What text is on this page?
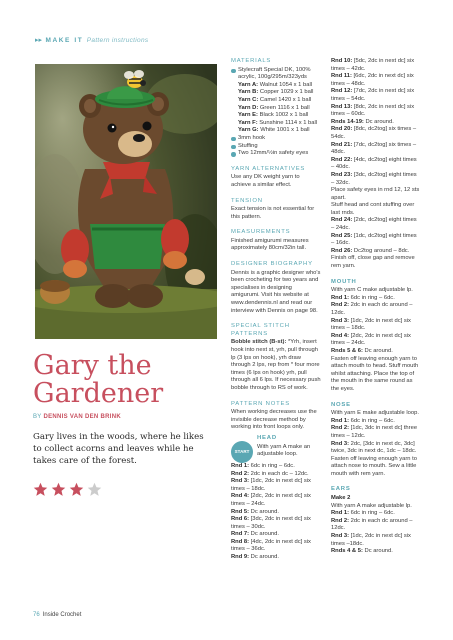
▸▸ MAKE IT Pattern instructions
Gary the
Gardener
BY DENNIS VAN DEN BRINK
Gary lives in the woods, where he likes to collect acorns and leaves while he takes care of the forest.
76 Inside Crochet
MATERIALS
Stylecraft Special DK, 100% acrylic, 100g/295m/323yds
Yarn A: Walnut 1054 x 1 ball
Yarn B: Copper 1029 x 1 ball
Yarn C: Camel 1420 x 1 ball
Yarn D: Green 1116 x 1 ball
Yarn E: Black 1002 x 1 ball
Yarn F: Sunshine 1114 x 1 ball
Yarn G: White 1001 x 1 ball
3mm hook
Stuffing
Two 12mm/½in safety eyes
YARN ALTERNATIVES

Use any DK weight yarn to achieve a similar effect.

TENSION

Exact tension is not essential for this pattern.

MEASUREMENTS

Finished amigurumi measures approximately 80cm/32in tall.

DESIGNER BIOGRAPHY

Dennis is a graphic designer who's been crocheting for two years and specialises in designing amigurumi. Visit his website at www.dendennis.nl and read our interview with Dennis on page 98.

SPECIAL STITCH PATTERNS

Bobble stitch (B-st): *Yrh, insert hook into next st, yrh, pull through lp (3 lps on hook), yrh draw through 2 lps, rep from * four more times (6 lps on hook) yrh, pull through all 6 lps. If necessary push bobble through to RS of work.

PATTERN NOTES

When working decreases use the invisible decrease method by working into front loops only.

START
HEAD

With yarn A make an adjustable loop.

Rnd 1: 6dc in ring – 6dc.
Rnd 2: 2dc in each dc – 12dc.
Rnd 3: [1dc, 2dc in next dc] six times – 18dc.
Rnd 4: [2dc, 2dc in next dc] six times – 24dc.
Rnd 5: Dc around.
Rnd 6: [3dc, 2dc in next dc] six times – 30dc.
Rnd 7: Dc around.
Rnd 8: [4dc, 2dc in next dc] six times – 36dc.
Rnd 9: Dc around.
Rnd 10: [5dc, 2dc in next dc] six times – 42dc.
Rnd 11: [6dc, 2dc in next dc] six times – 48dc.
Rnd 12: [7dc, 2dc in next dc] six times – 54dc.
Rnd 13: [8dc, 2dc in next dc] six times – 60dc.
Rnds 14-19: Dc around.
Rnd 20: [8dc, dc2tog] six times – 54dc.
Rnd 21: [7dc, dc2tog] six times – 48dc.
Rnd 22: [4dc, dc2tog] eight times – 40dc.
Rnd 23: [3dc, dc2tog] eight times – 32dc.

Place safety eyes in rnd 12, 12 sts apart.

Stuff head and cont stuffing over last rnds.

Rnd 24: [2dc, dc2tog] eight times – 24dc.
Rnd 25: [1dc, dc2tog] eight times – 16dc.
Rnd 26: Dc2tog around – 8dc.

Finish off, close gap and remove rem yarn.

MOUTH

With yarn C make adjustable lp.

Rnd 1: 6dc in ring – 6dc.
Rnd 2: 2dc in each dc around – 12dc.
Rnd 3: [1dc, 2dc in next dc] six times – 18dc.
Rnd 4: [2dc, 2dc in next dc] six times – 24dc.
Rnds 5 & 6: Dc around.

Fasten off leaving enough yarn to attach mouth to head. Stuff mouth whilst attaching. Place the top of the mouth in the same round as the eyes.

NOSE

With yarn E make adjustable loop.

Rnd 1: 6dc in ring – 6dc.
Rnd 2: [1dc, 3dc in next dc] three times – 12dc.
Rnd 3: 2dc, [3dc in next dc, 3dc] twice, 3dc in next dc, 1dc – 18dc.

Fasten off leaving enough yarn to attach nose to mouth. Sew a little mouth with rem yarn.

EARS
Make 2

With yarn A make adjustable lp.

Rnd 1: 6dc in ring – 6dc.
Rnd 2: 2dc in each dc around – 12dc.
Rnd 3: [1dc, 2dc in next dc] six times –18dc.
Rnds 4 & 5: Dc around.
